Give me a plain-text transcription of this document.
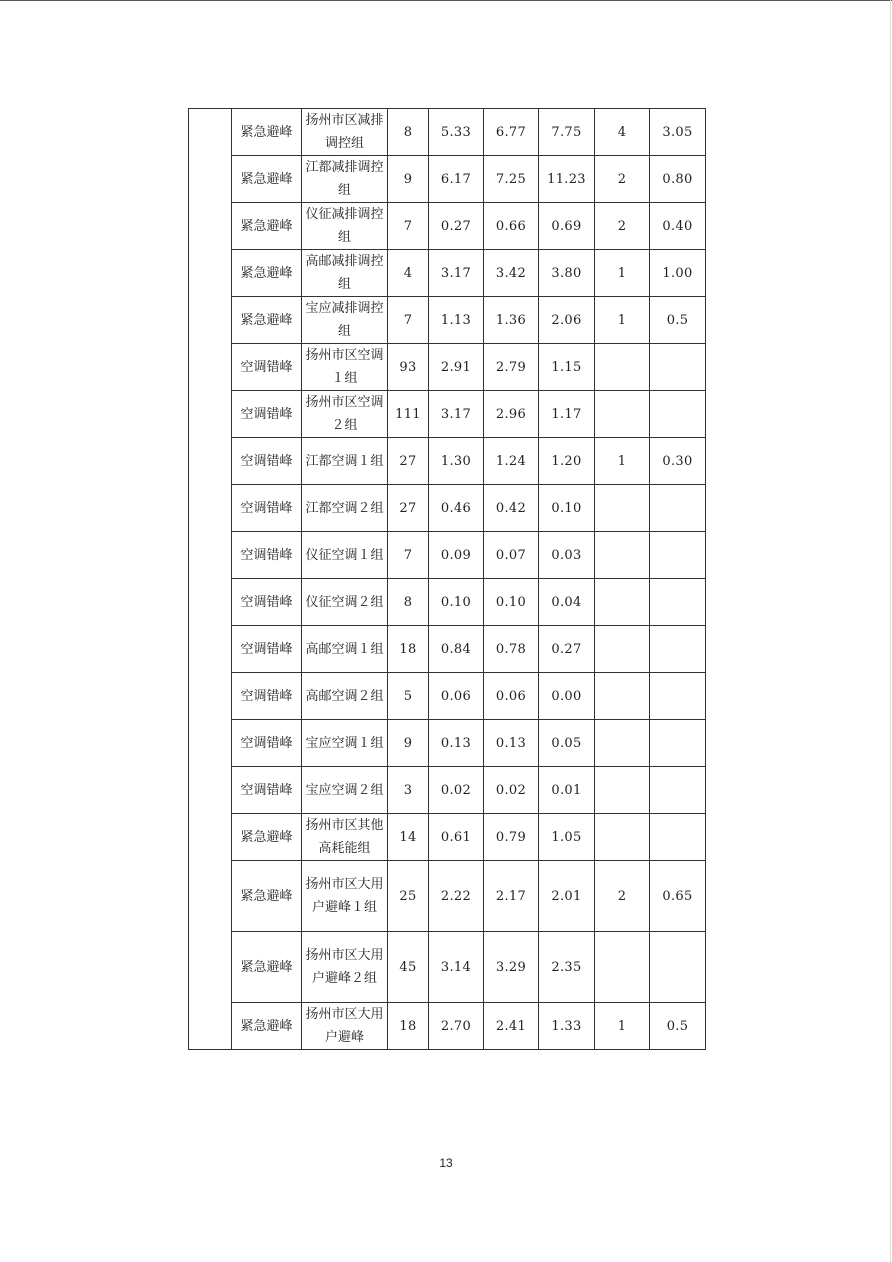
	紧急避峰	扬州市区减排调控组	8	5.33	6.77	7.75	4	3.05
	紧急避峰	江都减排调控组	9	6.17	7.25	11.23	2	0.80
	紧急避峰	仪征减排调控组	7	0.27	0.66	0.69	2	0.40
	紧急避峰	高邮减排调控组	4	3.17	3.42	3.80	1	1.00
	紧急避峰	宝应减排调控组	7	1.13	1.36	2.06	1	0.5
	空调错峰	扬州市区空调１组	93	2.91	2.79	1.15		
	空调错峰	扬州市区空调２组	111	3.17	2.96	1.17		
	空调错峰	江都空调１组	27	1.30	1.24	1.20	1	0.30
	空调错峰	江都空调２组	27	0.46	0.42	0.10		
	空调错峰	仪征空调１组	7	0.09	0.07	0.03		
	空调错峰	仪征空调２组	8	0.10	0.10	0.04		
	空调错峰	高邮空调１组	18	0.84	0.78	0.27		
	空调错峰	高邮空调２组	5	0.06	0.06	0.00		
	空调错峰	宝应空调１组	9	0.13	0.13	0.05		
	空调错峰	宝应空调２组	3	0.02	0.02	0.01		
	紧急避峰	扬州市区其他高耗能组	14	0.61	0.79	1.05		
	紧急避峰	扬州市区大用户避峰１组	25	2.22	2.17	2.01	2	0.65
	紧急避峰	扬州市区大用户避峰２组	45	3.14	3.29	2.35		
	紧急避峰	扬州市区大用户避峰	18	2.70	2.41	1.33	1	0.5
13
